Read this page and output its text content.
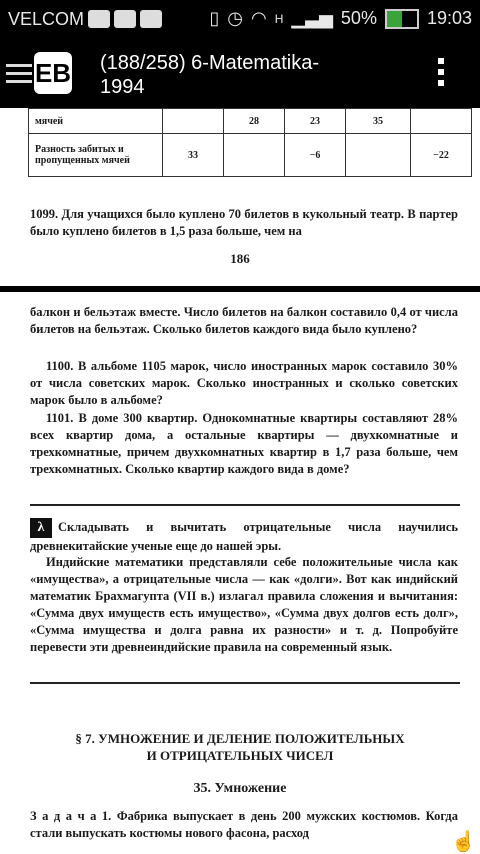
VELCOM	▯ ◷ ◠ H ▁▃▅ 50%	19:03
EB (188/258) 6-Matematika-1994
мячей		28	23	35	
Разность забитых и пропущенных мячей	33		−6		−22
1099. Для учащихся было куплено 70 билетов в кукольный театр. В партер было куплено билетов в 1,5 раза больше, чем на
186
балкон и бельэтаж вместе. Число билетов на балкон составило 0,4 от числа билетов на бельэтаж. Сколько билетов каждого вида было куплено?
1100. В альбоме 1105 марок, число иностранных марок составило 30% от числа советских марок. Сколько иностранных и сколько советских марок было в альбоме?
1101. В доме 300 квартир. Однокомнатные квартиры составляют 28% всех квартир дома, а остальные квартиры — двухкомнатные и трехкомнатные, причем двухкомнатных квартир в 1,7 раза больше, чем трехкомнатных. Сколько квартир каждого вида в доме?
λ Складывать и вычитать отрицательные числа научились древнекитайские ученые еще до нашей эры.
Индийские математики представляли себе положительные числа как «имущества», а отрицательные числа — как «долги». Вот как индийский математик Брахмагупта (VII в.) излагал правила сложения и вычитания: «Сумма двух имуществ есть имущество», «Сумма двух долгов есть долг», «Сумма имущества и долга равна их разности» и т. д. Попробуйте перевести эти древнеиндийские правила на современный язык.
§ 7. УМНОЖЕНИЕ И ДЕЛЕНИЕ ПОЛОЖИТЕЛЬНЫХ
И ОТРИЦАТЕЛЬНЫХ ЧИСЕЛ
35. Умножение
З а д а ч а 1. Фабрика выпускает в день 200 мужских костюмов. Когда стали выпускать костюмы нового фасона, расход	☝
